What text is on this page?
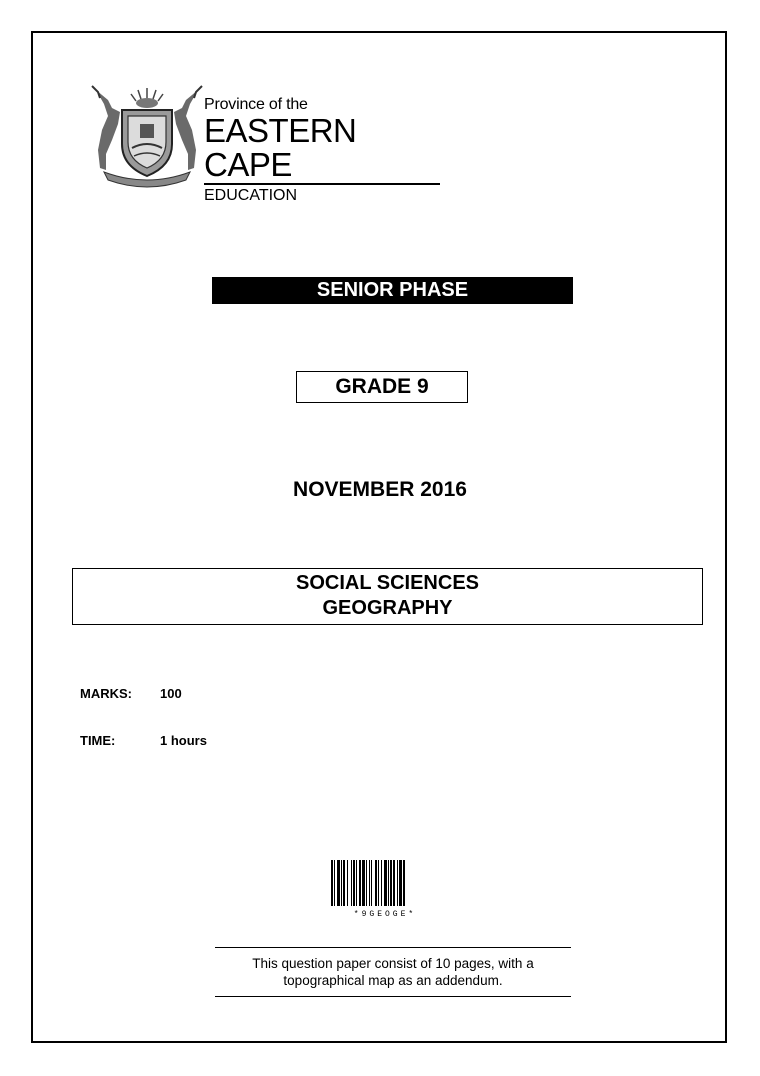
Province of the
EASTERN CAPE
EDUCATION
SENIOR PHASE
GRADE 9
NOVEMBER 2016
SOCIAL SCIENCES
GEOGRAPHY
MARKS: 100
TIME:	1 hours
*9GEOGE*
This question paper consist of 10 pages, with a
topographical map as an addendum.
